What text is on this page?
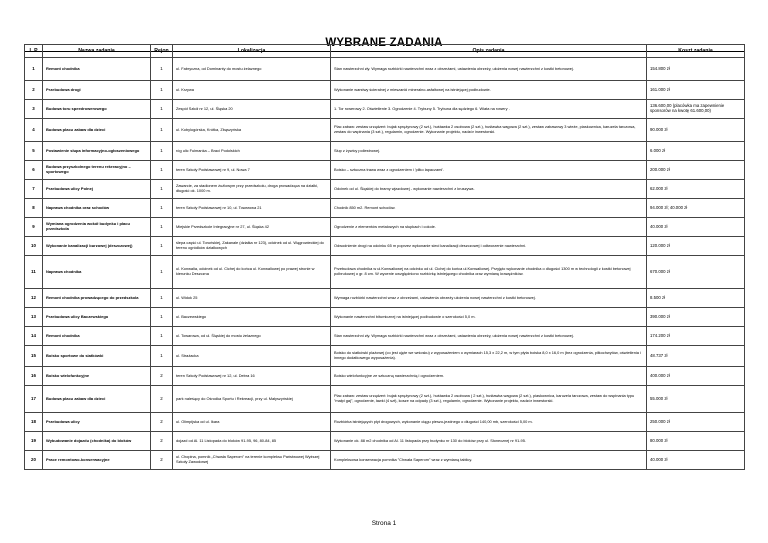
WYBRANE ZADANIA
L.P	Nazwa zadania	Rejon	Lokalizacja	Opis zadania	Koszt zadania
1	Remont chodnika	1	ul. Fabryczna, od Dominanty do mostu żelaznego	Stan nawierzchni zły. Wymaga rozbiórki nawierzchni wraz z obrzeżami, ustawienia obrzeży, ułożenia nowej nawierzchni z kostki betonowej.	154.800 zł
2	Przebudowa drogi	1	ul. Krzywa	Wykonanie warstwy ścieralnej z mieszanki mineralno-asfaltowej na istniejącej podbudowie.	161.000 zł
3	Budowa toru speedrowerowego	1	Zespół Szkół nr 12, ul. Śląska 20	1. Tor rowerowy 2. Oświetlenie 3. Ogrodzenie 4. Trybuny 5. Trybuna dla sędziego 6. Wiata na rowery .	136.600,00 (placówka ma zapewnienie sponsorów na kwotę 61.600,00)
4	Budowa placu zabaw dla dzieci	1	ul. Kobylogórska, Krótka, Zbąszyńska	Plac zabaw: zestaw urządzeń: bujak sprężynowy (2 szt.), huśtawka 2 osobowa (2 szt.), huśtawka wagowa (2 szt.), zestaw zabawowy 3 wieże, piaskownica, karuzela tarczowa, zestaw do wspinania (3 szt.), regulamin, ogrodzenie. Wykonanie projektu, nadzór inwestorski.	90.000 zł
5	Postawienie słupa informacyjno-ogłoszeniowego	1	róg ulic Fuimanka – Braci Podolskich	Słup z żywicy poliestrowej.	6.000 zł
6	Budowa przyszkolnego terenu rekreacyjno – sportowego	1	teren Szkoły Podstawowej nr 9, ul. Nowa 7	Boisko – sztuczna trawa wraz z ogrodzeniem i 'piłko łapaczami'.	200.000 zł
7	Przebudowa ulicy Polnej	1	Zawarcie, za stadionem żużlowym przy przedszkolu, droga prowadząca na działki, długość ok. 1000 m.	Odcinek od ul. Śląskiej do bramy wjazdowej - wykonanie nawierzchni z kruszywa.	62.000 zł
8	Naprawa chodnika oraz schodów	1	teren Szkoły Podstawowej nr 10, ul. Towarowa 21	Chodnik 850 m2. Remont schodów.	94.000 zł; 40.000 zł
9	Wymiana ogrodzenia wokół budynku i placu przedszkola	1	Miejskie Przedszkole Integracyjne nr 27, ul. Śląska 42	Ogrodzenie z elementów metalowych na słupkach i cokole.	40.000 zł
10	Wykonanie kanalizacji burzowej (deszczowej)	1	ślepa część ul. Toruńskiej, Zakanale (działka nr 123), odcinek od ul. Wągrowieckiej do terenu ogródków działkowych	Odwodnienie drogi na odcinku 65 m poprzez wykonanie sieci kanalizacji deszczowej i odtworzenie nawierzchni.	120.000 zł
11	Naprawa chodnika	1	ul. Konwalia, odcinek od ul. Cichej do końca ul. Konwaliowej po prawej stronie w kierunku Deszczna	Przebudowa chodnika w ul.Konwaliowej na odcinku od ul. Cichej do końca ul.Konwaliowej. Przyjęto wykonanie chodnika o długości 1300 m w technologii z kostki betonowej polbrukowej o gr. 8 cm. W wycenie uwzględniono rozbiórkę istniejącego chodnika oraz wymianę krawężników.	670.000 zł
12	Remont chodnika prowadzącego do przedszkola	1	ul. Widok 25	Wymaga rozbiórki nawierzchni wraz z obrzeżami, ustawienia obrzeży ułożenia nowej nawierzchni z kostki betonowej.	8.500 zł
13	Przebudowa ulicy Baczewskiego	1	ul. Baczewskiego	Wykonanie nawierzchni bitumicznej na istniejącej podbudowie o szerokości 5,0 m.	390.000 zł
14	Remont chodnika	1	ul. Towarowa, od ul. Śląskiej do mostu żelaznego	Stan nawierzchni zły. Wymaga rozbiórki nawierzchni wraz z obrzeżami, ustawienia obrzeży, ułożenia nowej nawierzchni z kostki betonowej.	174.200 zł
15	Boisko sportowe do siatkówki	1	ul. Strażacka	Boisko do siatkówki plażowej (co jest ujęte we wniosku) z wyposażeniem o wymiarach 15,3 x 22,2 m, w tym płyta boiska 8,0 x 16,0 m (bez ogrodzenia, piłkochwytów, oświetlenia i innego dodatkowego wyposażenia).	48.737 zł
16	Boisko wielofunkcyjne	2	teren Szkoły Podstawowej nr 12, ul. Debra 16	Boisko wielofunkcyjne ze sztuczną nawierzchnią i ogrodzeniem.	400.000 zł
17	Budowa placu zabaw dla dzieci	2	park naleśący do Ośrodka Sportu i Rekreacji, przy ul. Małyszyńskiej	Plac zabaw: zestaw urządzeń: bujak sprężynowy (2 szt.), huśtawka 2 osobowa ( 2 szt.), huśtawka wagowa (2 szt.), piaskownica, karuzela tarczowa, zestaw do wspinania typu "małpi gaj", ogrodzenie, ławki (4 szt), kosze na odpady (3 szt.), regulamin, ogrodzenie. Wykonanie projektu, nadzór inwestorski.	55.000 zł
18	Przebudowa ulicy	2	ul. Olimpijska od ul. Ikara	Rozbiórka istniejących płyt drogowych, wykonanie ciągu pieszo-jezdnego o długości 140,00 mb, szerokości 5,00 m.	250.000 zł
19	Wybudowanie dojazdu (chodnika) do bloków	2	dojazd od Al. 11 Listopada do bloków 91-95, 96, 80-84, 85	Wykonanie ok. 88 m2 chodnika od Al. 11 listopada przy budynku nr 130 do bloków przy ul. Słonecznej nr 91-95.	80.000 zł
20	Prace remontowo-konserwacyjne	2	ul. Chopina, pomnik „Chwała Saperom" na terenie kompleksu Państwowej Wyższej Szkoły Zawodowej	Kompleksowa konserwacja pomnika "Chwała Saperom" wraz z wymianą tablicy.	40.000 zł
Strona 1
